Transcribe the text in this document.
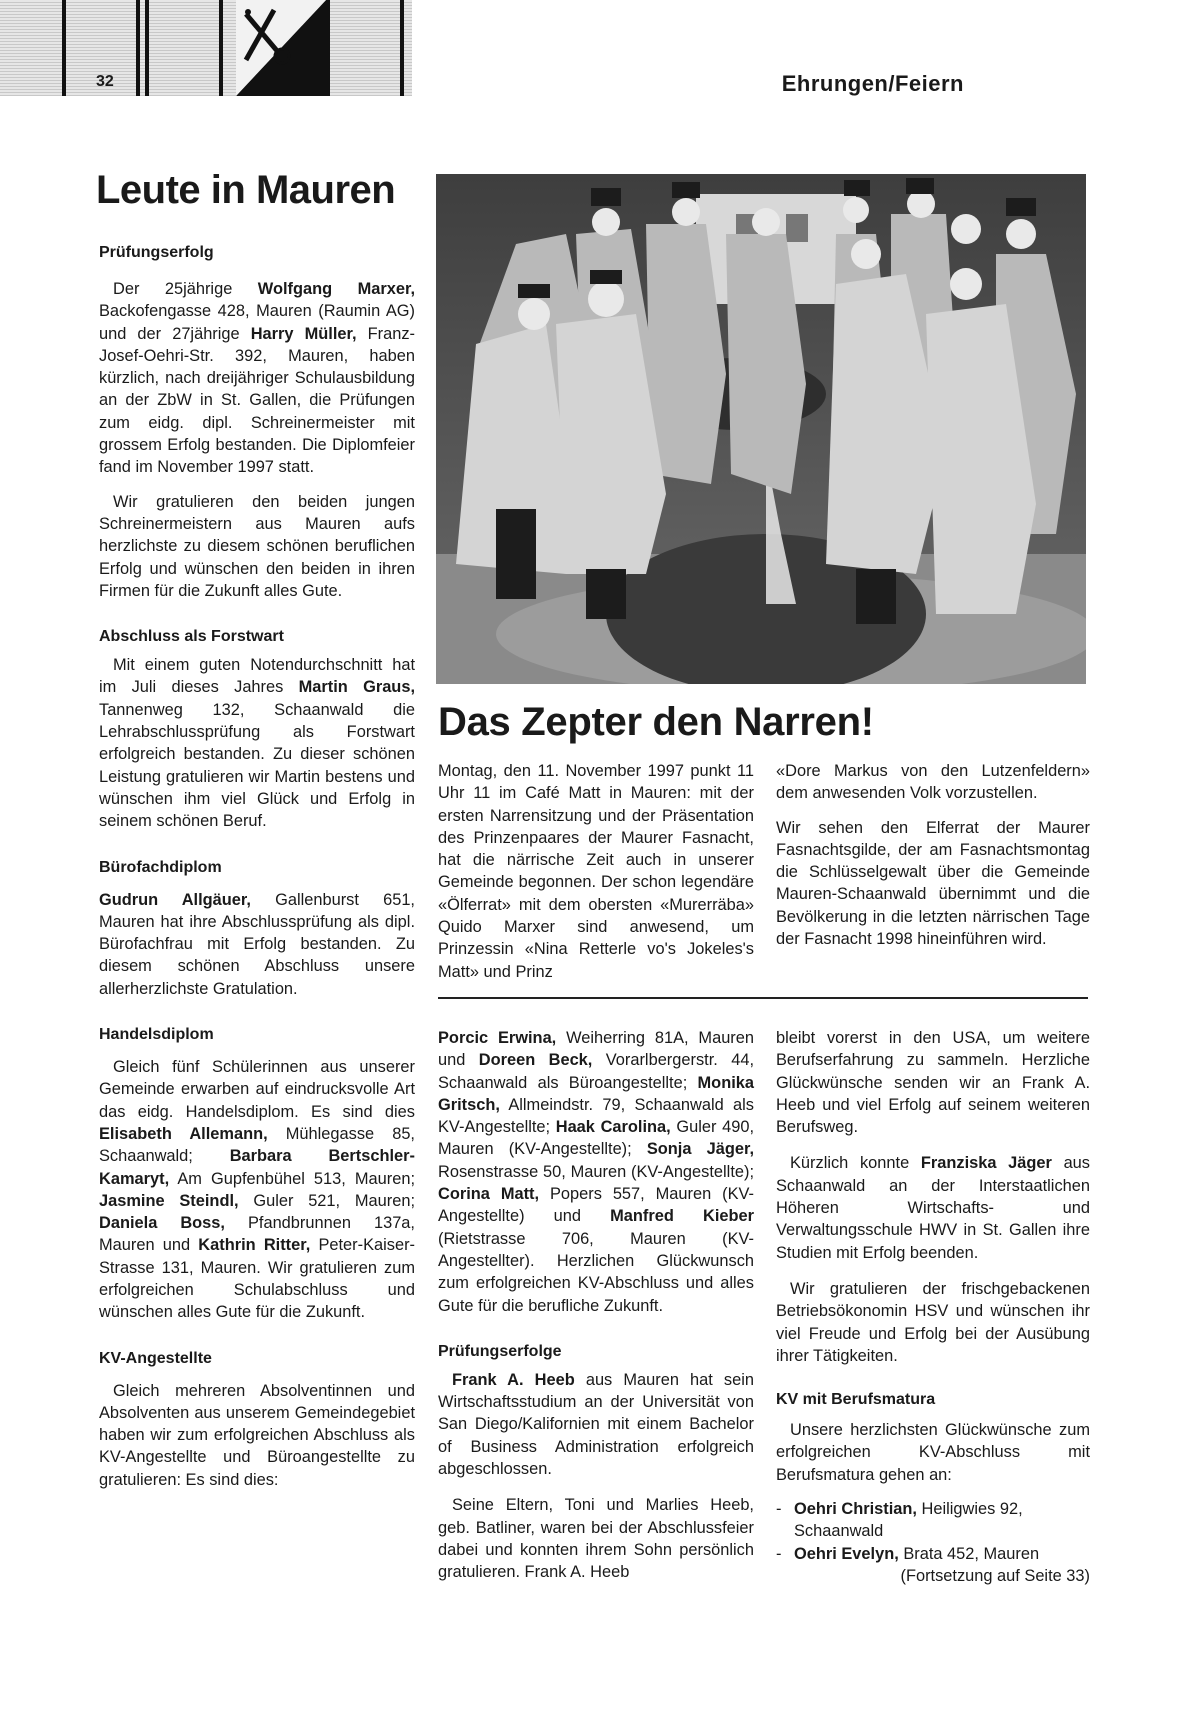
32	Ehrungen/Feiern
Leute in Mauren

Prüfungserfolg

Der 25jährige Wolfgang Marxer, Backofengasse 428, Mauren (Raumin AG) und der 27jährige Harry Müller, Franz-Josef-Oehri-Str. 392, Mauren, haben kürzlich, nach dreijähriger Schulausbildung an der ZbW in St. Gallen, die Prüfungen zum eidg. dipl. Schreinermeister mit grossem Erfolg bestanden. Die Diplomfeier fand im November 1997 statt.

Wir gratulieren den beiden jungen Schreinermeistern aus Mauren aufs herzlichste zu diesem schönen beruflichen Erfolg und wünschen den beiden in ihren Firmen für die Zukunft alles Gute.

Abschluss als Forstwart

Mit einem guten Notendurchschnitt hat im Juli dieses Jahres Martin Graus, Tannenweg 132, Schaanwald die Lehrabschlussprüfung als Forstwart erfolgreich bestanden. Zu dieser schönen Leistung gratulieren wir Martin bestens und wünschen ihm viel Glück und Erfolg in seinem schönen Beruf.

Bürofachdiplom

Gudrun Allgäuer, Gallenburst 651, Mauren hat ihre Abschlussprüfung als dipl. Bürofachfrau mit Erfolg bestanden. Zu diesem schönen Abschluss unsere allerherzlichste Gratulation.

Handelsdiplom

Gleich fünf Schülerinnen aus unserer Gemeinde erwarben auf eindrucksvolle Art das eidg. Handelsdiplom. Es sind dies Elisabeth Allemann, Mühlegasse 85, Schaanwald; Barbara Bertschler-Kamaryt, Am Gupfenbühel 513, Mauren; Jasmine Steindl, Guler 521, Mauren; Daniela Boss, Pfandbrunnen 137a, Mauren und Kathrin Ritter, Peter-Kaiser-Strasse 131, Mauren. Wir gratulieren zum erfolgreichen Schulabschluss und wünschen alles Gute für die Zukunft.

KV-Angestellte

Gleich mehreren Absolventinnen und Absolventen aus unserem Gemeindegebiet haben wir zum erfolgreichen Abschluss als KV-Angestellte und Büroangestellte zu gratulieren: Es sind dies:

Das Zepter den Narren!

Montag, den 11. November 1997 punkt 11 Uhr 11 im Café Matt in Mauren: mit der ersten Narrensitzung und der Präsentation des Prinzenpaares der Maurer Fasnacht, hat die närrische Zeit auch in unserer Gemeinde begonnen. Der schon legendäre «Ölferrat» mit dem obersten «Murerräba» Quido Marxer sind anwesend, um Prinzessin «Nina Retterle vo's Jokeles's Matt» und Prinz

«Dore Markus von den Lutzenfeldern» dem anwesenden Volk vorzustellen.

Wir sehen den Elferrat der Maurer Fasnachtsgilde, der am Fasnachtsmontag die Schlüsselgewalt über die Gemeinde Mauren-Schaanwald übernimmt und die Bevölkerung in die letzten närrischen Tage der Fasnacht 1998 hineinführen wird.

Porcic Erwina, Weiherring 81A, Mauren und Doreen Beck, Vorarlbergerstr. 44, Schaanwald als Büroangestellte; Monika Gritsch, Allmeindstr. 79, Schaanwald als KV-Angestellte; Haak Carolina, Guler 490, Mauren (KV-Angestellte); Sonja Jäger, Rosenstrasse 50, Mauren (KV-Angestellte); Corina Matt, Popers 557, Mauren (KV-Angestellte) und Manfred Kieber (Rietstrasse 706, Mauren (KV-Angestellter). Herzlichen Glückwunsch zum erfolgreichen KV-Abschluss und alles Gute für die berufliche Zukunft.

Prüfungserfolge

Frank A. Heeb aus Mauren hat sein Wirtschaftsstudium an der Universität von San Diego/Kalifornien mit einem Bachelor of Business Administration erfolgreich abgeschlossen.

Seine Eltern, Toni und Marlies Heeb, geb. Batliner, waren bei der Abschlussfeier dabei und konnten ihrem Sohn persönlich gratulieren. Frank A. Heeb

bleibt vorerst in den USA, um weitere Berufserfahrung zu sammeln. Herzliche Glückwünsche senden wir an Frank A. Heeb und viel Erfolg auf seinem weiteren Berufsweg.

Kürzlich konnte Franziska Jäger aus Schaanwald an der Interstaatlichen Höheren Wirtschafts- und Verwaltungsschule HWV in St. Gallen ihre Studien mit Erfolg beenden.

Wir gratulieren der frischgebackenen Betriebsökonomin HSV und wünschen ihr viel Freude und Erfolg bei der Ausübung ihrer Tätigkeiten.

KV mit Berufsmatura

Unsere herzlichsten Glückwünsche zum erfolgreichen KV-Abschluss mit Berufsmatura gehen an:

- Oehri Christian, Heiligwies 92, Schaanwald
- Oehri Evelyn, Brata 452, Mauren

(Fortsetzung auf Seite 33)
